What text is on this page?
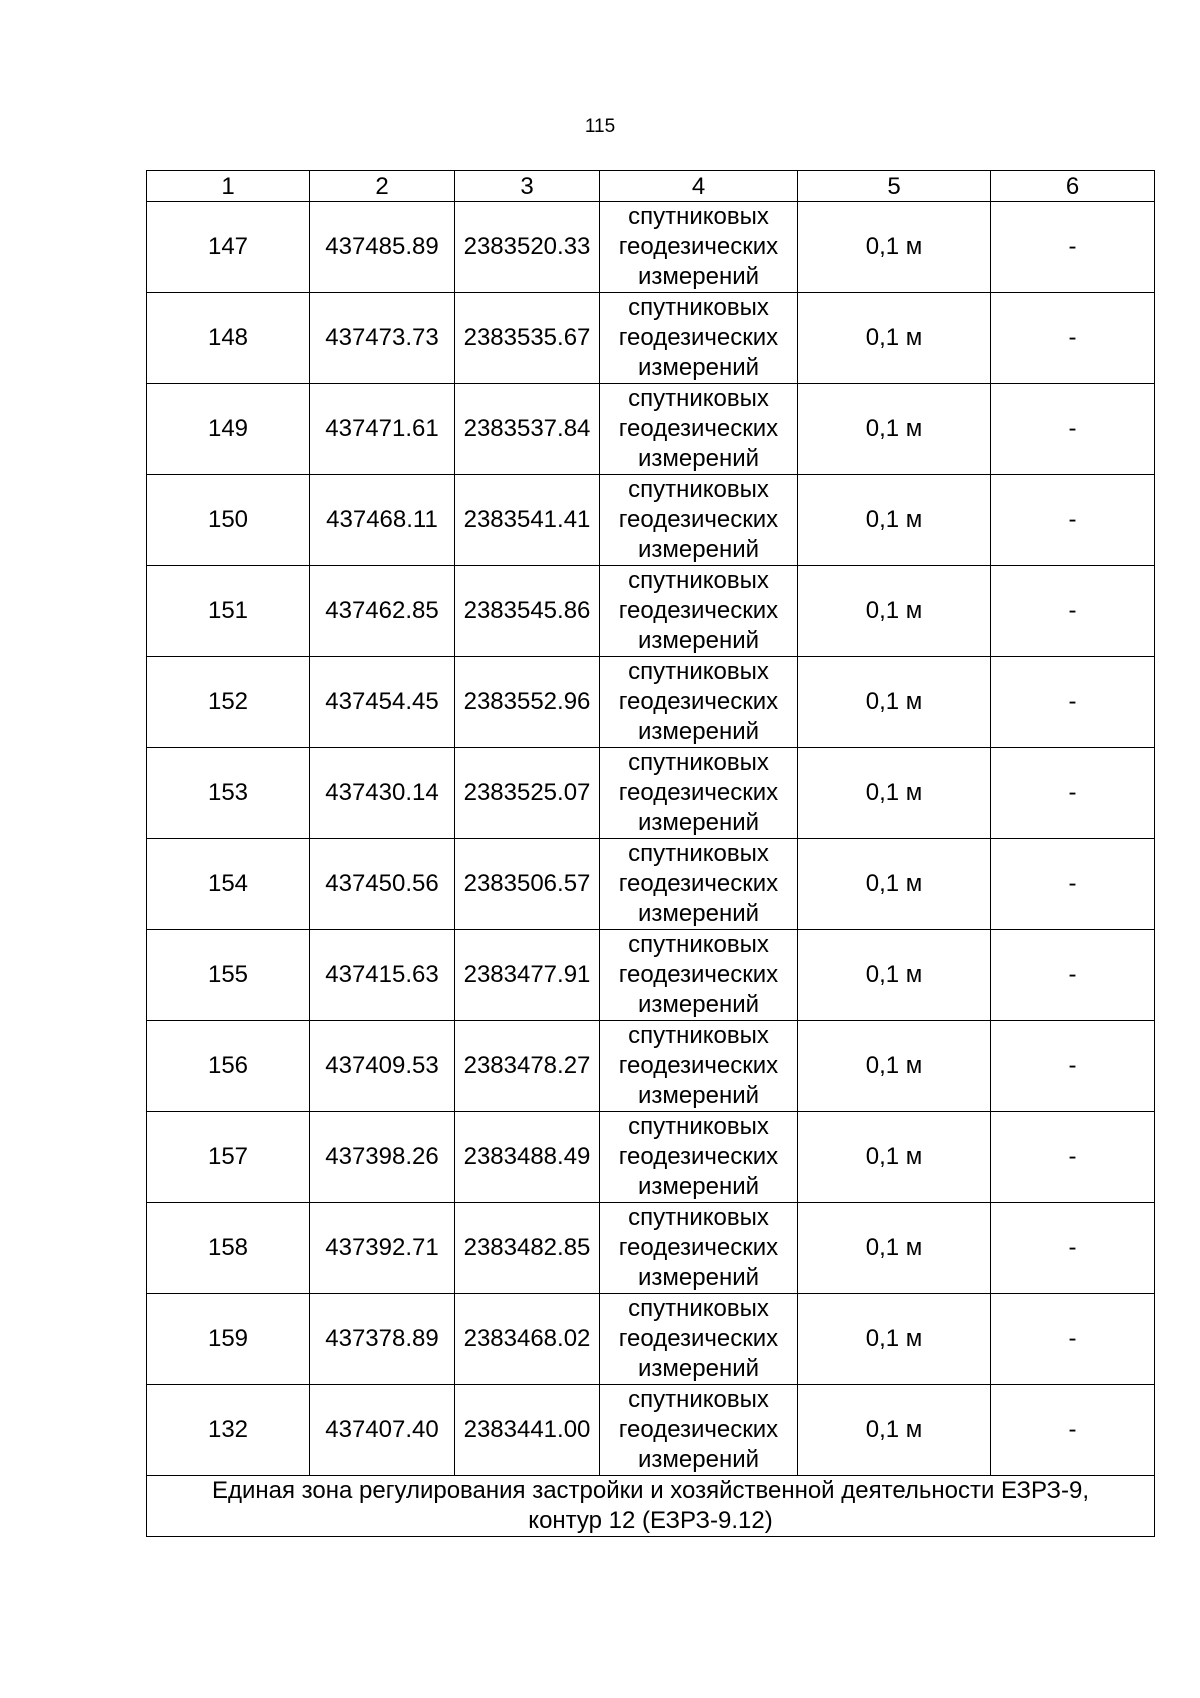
115
1	2	3	4	5	6
147	437485.89	2383520.33	спутниковых
геодезических
измерений	0,1 м	-
148	437473.73	2383535.67	спутниковых
геодезических
измерений	0,1 м	-
149	437471.61	2383537.84	спутниковых
геодезических
измерений	0,1 м	-
150	437468.11	2383541.41	спутниковых
геодезических
измерений	0,1 м	-
151	437462.85	2383545.86	спутниковых
геодезических
измерений	0,1 м	-
152	437454.45	2383552.96	спутниковых
геодезических
измерений	0,1 м	-
153	437430.14	2383525.07	спутниковых
геодезических
измерений	0,1 м	-
154	437450.56	2383506.57	спутниковых
геодезических
измерений	0,1 м	-
155	437415.63	2383477.91	спутниковых
геодезических
измерений	0,1 м	-
156	437409.53	2383478.27	спутниковых
геодезических
измерений	0,1 м	-
157	437398.26	2383488.49	спутниковых
геодезических
измерений	0,1 м	-
158	437392.71	2383482.85	спутниковых
геодезических
измерений	0,1 м	-
159	437378.89	2383468.02	спутниковых
геодезических
измерений	0,1 м	-
132	437407.40	2383441.00	спутниковых
геодезических
измерений	0,1 м	-

Единая зона регулирования застройки и хозяйственной деятельности ЕЗРЗ-9,
контур 12 (ЕЗРЗ-9.12)					
